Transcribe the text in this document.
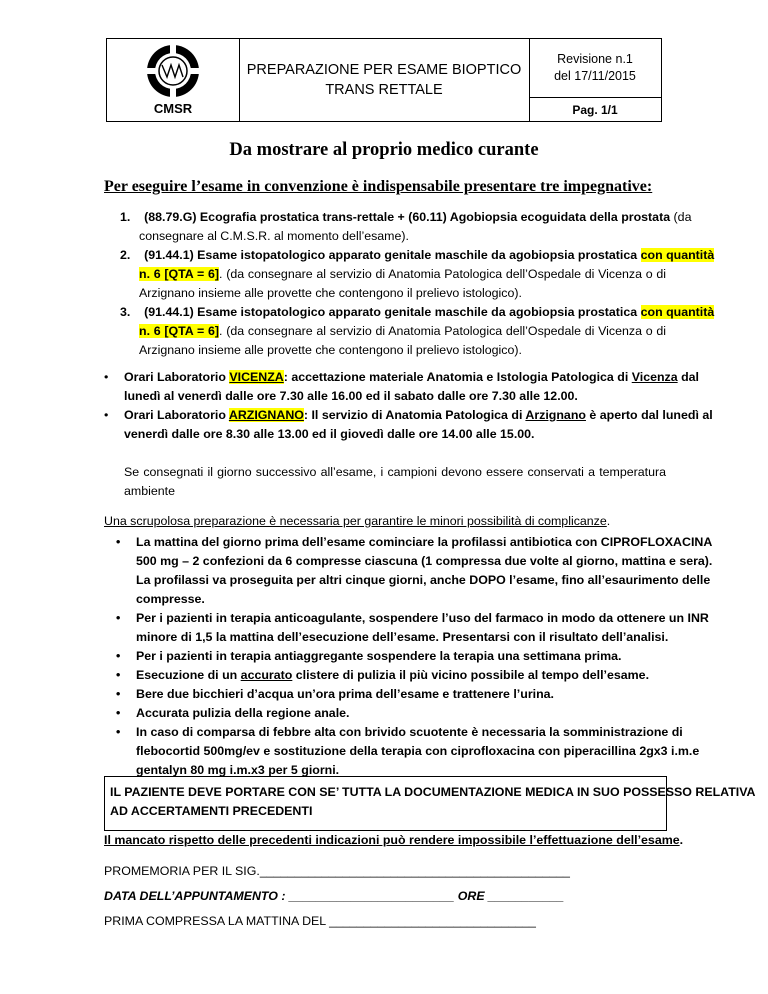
CMSR
PREPARAZIONE PER ESAME BIOPTICO
TRANS RETTALE
Revisione n.1
del 17/11/2015
Pag. 1/1
Da mostrare al proprio medico curante
Per eseguire l’esame in convenzione è indispensabile presentare tre impegnative:
1. (88.79.G) Ecografia prostatica trans-rettale + (60.11) Agobiopsia ecoguidata della prostata (da
consegnare al C.M.S.R. al momento dell’esame).
2. (91.44.1) Esame istopatologico apparato genitale maschile da agobiopsia prostatica con quantità
n. 6 [QTA = 6]. (da consegnare al servizio di Anatomia Patologica dell’Ospedale di Vicenza o di
Arzignano insieme alle provette che contengono il prelievo istologico).
3. (91.44.1) Esame istopatologico apparato genitale maschile da agobiopsia prostatica con quantità
n. 6 [QTA = 6]. (da consegnare al servizio di Anatomia Patologica dell’Ospedale di Vicenza o di
Arzignano insieme alle provette che contengono il prelievo istologico).
• Orari Laboratorio VICENZA: accettazione materiale Anatomia e Istologia Patologica di Vicenza dal
lunedì al venerdì dalle ore 7.30 alle 16.00 ed il sabato dalle ore 7.30 alle 12.00.
• Orari Laboratorio ARZIGNANO: Il servizio di Anatomia Patologica di Arzignano è aperto dal lunedì al
venerdì dalle ore 8.30 alle 13.00 ed il giovedì dalle ore 14.00 alle 15.00.
Se consegnati il giorno successivo all’esame, i campioni devono essere conservati a temperatura
ambiente
Una scrupolosa preparazione è necessaria per garantire le minori possibilità di complicanze.
• La mattina del giorno prima dell’esame cominciare la profilassi antibiotica con CIPROFLOXACINA
500 mg – 2 confezioni da 6 compresse ciascuna (1 compressa due volte al giorno, mattina e sera).
La profilassi va proseguita per altri cinque giorni, anche DOPO l’esame, fino all’esaurimento delle
compresse.
• Per i pazienti in terapia anticoagulante, sospendere l’uso del farmaco in modo da ottenere un INR
minore di 1,5 la mattina dell’esecuzione dell’esame. Presentarsi con il risultato dell’analisi.
• Per i pazienti in terapia antiaggregante sospendere la terapia una settimana prima.
• Esecuzione di un accurato clistere di pulizia il più vicino possibile al tempo dell’esame.
• Bere due bicchieri d’acqua un’ora prima dell’esame e trattenere l’urina.
• Accurata pulizia della regione anale.
• In caso di comparsa di febbre alta con brivido scuotente è necessaria la somministrazione di
flebocortid 500mg/ev e sostituzione della terapia con ciprofloxacina con piperacillina 2gx3 i.m.e
gentalyn 80 mg i.m.x3 per 5 giorni.
IL PAZIENTE DEVE PORTARE CON SE’ TUTTA LA DOCUMENTAZIONE MEDICA IN SUO POSSESSO RELATIVA
AD ACCERTAMENTI PRECEDENTI
Il mancato rispetto delle precedenti indicazioni può rendere impossibile l’effettuazione dell’esame.
PROMEMORIA PER IL SIG._____________________________________________
DATA DELL’APPUNTAMENTO : ________________________ ORE ___________
PRIMA COMPRESSA LA MATTINA DEL ______________________________
